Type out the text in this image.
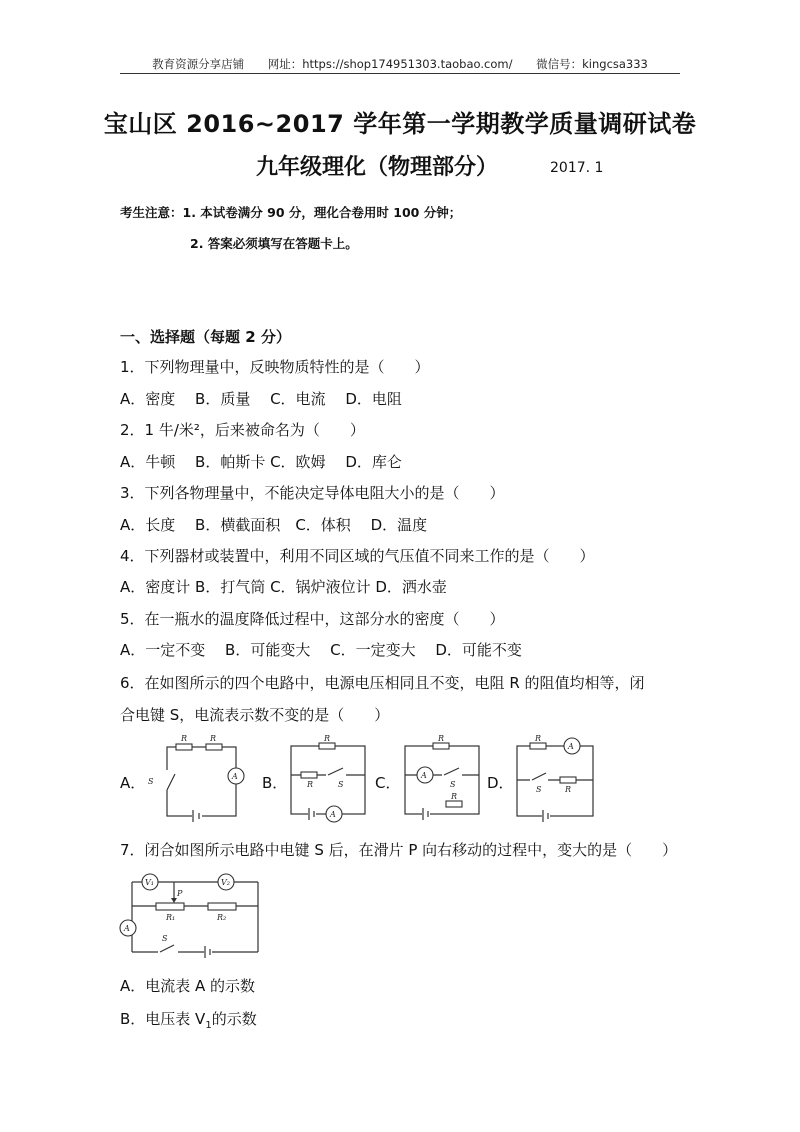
教育资源分享店铺 网址：https://shop174951303.taobao.com/ 微信号：kingcsa333
宝山区 2016~2017 学年第一学期教学质量调研试卷
九年级理化（物理部分）	2017. 1
考生注意：1. 本试卷满分 90 分，理化合卷用时 100 分钟；
2. 答案必须填写在答题卡上。
一、选择题（每题 2 分）
1．下列物理量中，反映物质特性的是（　　）
A．密度　 B．质量　 C．电流　 D．电阻
2．1 牛/米²，后来被命名为（　　）
A．牛顿　 B．帕斯卡 C．欧姆　 D．库仑
3．下列各物理量中，不能决定导体电阻大小的是（　　）
A．长度　 B．横截面积　C．体积　 D．温度
4．下列器材或装置中，利用不同区域的气压值不同来工作的是（　　）
A．密度计 B．打气筒 C．锅炉液位计 D．洒水壶
5．在一瓶水的温度降低过程中，这部分水的密度（　　）
A．一定不变　 B．可能变大　 C．一定变大　 D．可能不变
6．在如图所示的四个电路中，电源电压相同且不变，电阻 R 的阻值均相等，闭
合电键 S，电流表示数不变的是（　　）
A．	B．	C．	D．
R	R
S
A
R
R	S
A
R
A
S
R
R
A
S	R
7．闭合如图所示电路中电键 S 后，在滑片 P 向右移动的过程中，变大的是（　　）
V₁	V₂
P
R₁	R₂
A
S
A．电流表 A 的示数
B．电压表 $V_1$的示数
